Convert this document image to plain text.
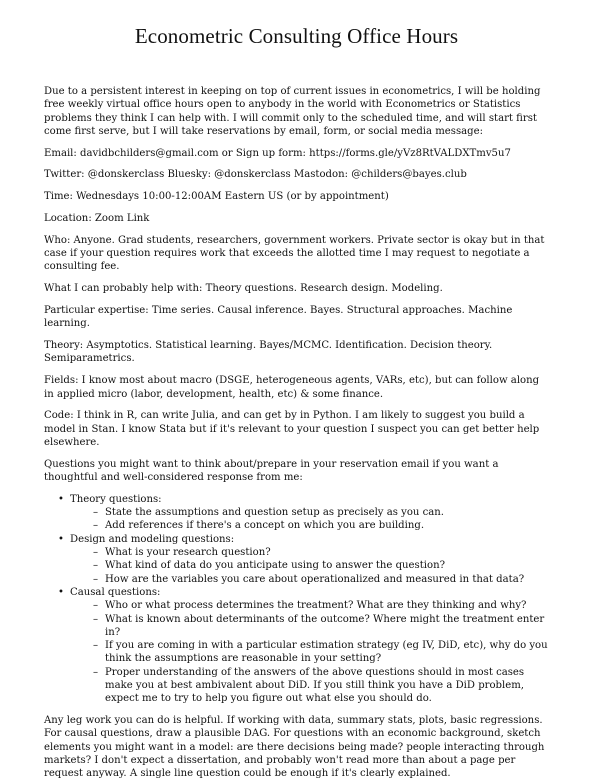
Econometric Consulting Office Hours

Due to a persistent interest in keeping on top of current issues in econometrics, I will be holding free weekly virtual office hours open to anybody in the world with Econometrics or Statistics problems they think I can help with. I will commit only to the scheduled time, and will start first come first serve, but I will take reservations by email, form, or social media message:

Email: davidbchilders@gmail.com or Sign up form: https://forms.gle/yVz8RtVALDXTmv5u7

Twitter: @donskerclass Bluesky: @donskerclass Mastodon: @childers@bayes.club

Time: Wednesdays 10:00-12:00AM Eastern US (or by appointment)

Location: Zoom Link

Who: Anyone. Grad students, researchers, government workers. Private sector is okay but in that case if your question requires work that exceeds the allotted time I may request to negotiate a consulting fee.

What I can probably help with: Theory questions. Research design. Modeling.

Particular expertise: Time series. Causal inference. Bayes. Structural approaches. Machine learning.

Theory: Asymptotics. Statistical learning. Bayes/MCMC. Identification. Decision theory. Semiparametrics.

Fields: I know most about macro (DSGE, heterogeneous agents, VARs, etc), but can follow along in applied micro (labor, development, health, etc) & some finance.

Code: I think in R, can write Julia, and can get by in Python. I am likely to suggest you build a model in Stan. I know Stata but if it's relevant to your question I suspect you can get better help elsewhere.

Questions you might want to think about/prepare in your reservation email if you want a thoughtful and well-considered response from me:

• Theory questions:
– State the assumptions and question setup as precisely as you can.
– Add references if there's a concept on which you are building.
• Design and modeling questions:
– What is your research question?
– What kind of data do you anticipate using to answer the question?
– How are the variables you care about operationalized and measured in that data?
• Causal questions:
– Who or what process determines the treatment? What are they thinking and why?
– What is known about determinants of the outcome? Where might the treatment enter in?
– If you are coming in with a particular estimation strategy (eg IV, DiD, etc), why do you think the assumptions are reasonable in your setting?
– Proper understanding of the answers of the above questions should in most cases make you at best ambivalent about DiD. If you still think you have a DiD problem, expect me to try to help you figure out what else you should do.

Any leg work you can do is helpful. If working with data, summary stats, plots, basic regressions. For causal questions, draw a plausible DAG. For questions with an economic background, sketch elements you might want in a model: are there decisions being made? people interacting through markets? I don't expect a dissertation, and probably won't read more than about a page per request anyway. A single line question could be enough if it's clearly explained.
